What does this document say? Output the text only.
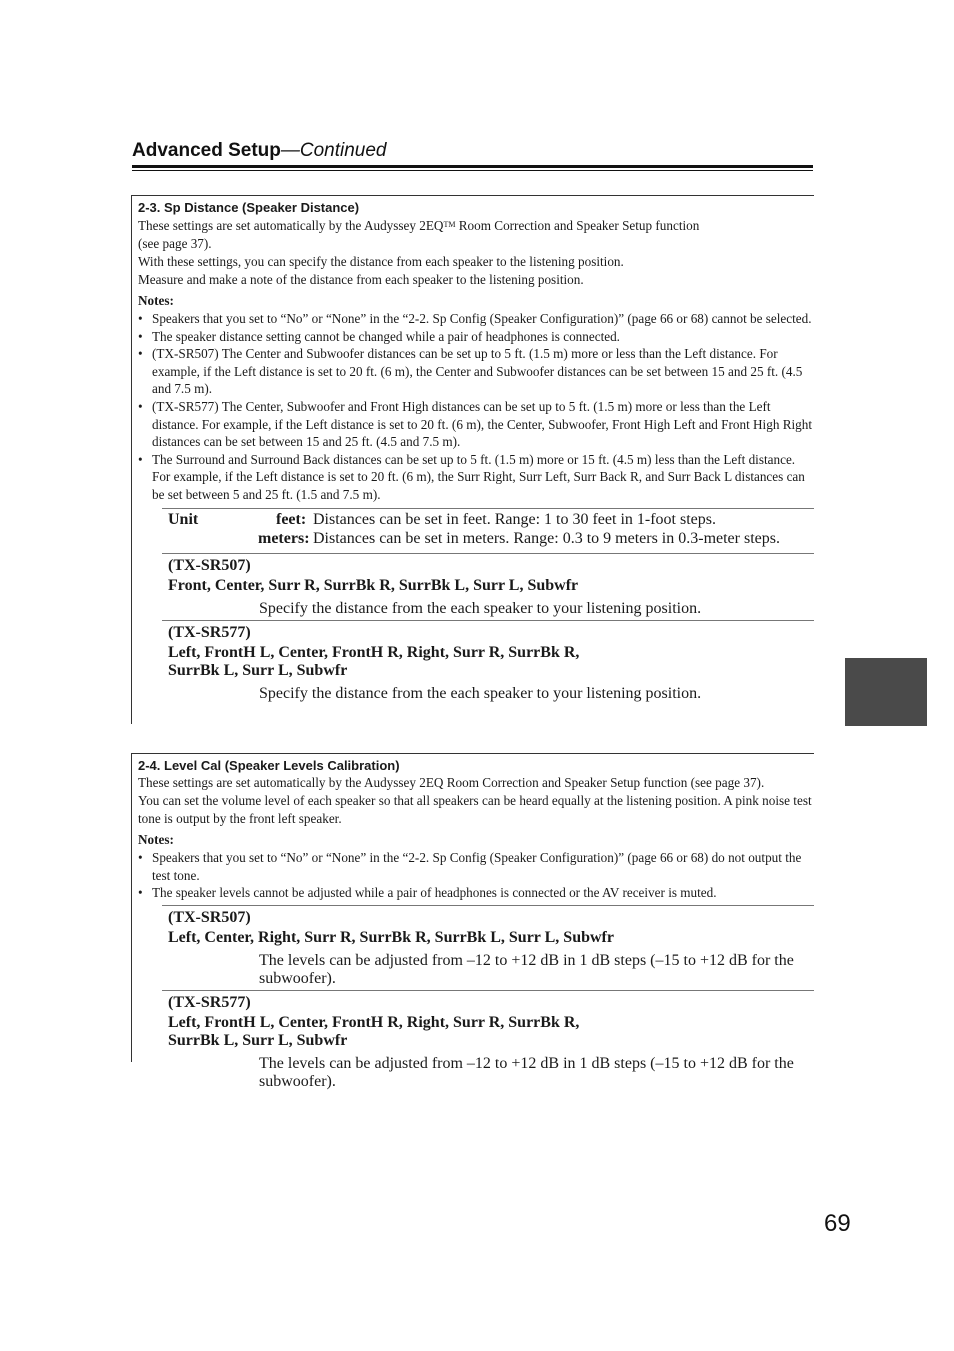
Advanced Setup—Continued
2-3. Sp Distance (Speaker Distance)

These settings are set automatically by the Audyssey 2EQ™ Room Correction and Speaker Setup function
(see page 37).

With these settings, you can specify the distance from each speaker to the listening position.

Measure and make a note of the distance from each speaker to the listening position.

Notes:
• Speakers that you set to “No” or “None” in the “2-2. Sp Config (Speaker Configuration)” (page 66 or 68) cannot be selected.
• The speaker distance setting cannot be changed while a pair of headphones is connected.
• (TX-SR507) The Center and Subwoofer distances can be set up to 5 ft. (1.5 m) more or less than the Left distance. For example, if the Left distance is set to 20 ft. (6 m), the Center and Subwoofer distances can be set between 15 and 25 ft. (4.5 and 7.5 m).
• (TX-SR577) The Center, Subwoofer and Front High distances can be set up to 5 ft. (1.5 m) more or less than the Left distance. For example, if the Left distance is set to 20 ft. (6 m), the Center, Subwoofer, Front High Left and Front High Right distances can be set between 15 and 25 ft. (4.5 and 7.5 m).
• The Surround and Surround Back distances can be set up to 5 ft. (1.5 m) more or 15 ft. (4.5 m) less than the Left distance. For example, if the Left distance is set to 20 ft. (6 m), the Surr Right, Surr Left, Surr Back R, and Surr Back L distances can be set between 5 and 25 ft. (1.5 and 7.5 m).
Unit	feet: Distances can be set in feet. Range: 1 to 30 feet in 1-foot steps.
meters: Distances can be set in meters. Range: 0.3 to 9 meters in 0.3-meter steps.
(TX-SR507)
Front, Center, Surr R, SurrBk R, SurrBk L, Surr L, Subwfr
Specify the distance from the each speaker to your listening position.
(TX-SR577)
Left, FrontH L, Center, FrontH R, Right, Surr R, SurrBk R,
SurrBk L, Surr L, Subwfr
Specify the distance from the each speaker to your listening position.
2-4. Level Cal (Speaker Levels Calibration)

These settings are set automatically by the Audyssey 2EQ Room Correction and Speaker Setup function (see page 37).

You can set the volume level of each speaker so that all speakers can be heard equally at the listening position. A pink noise test tone is output by the front left speaker.

Notes:
• Speakers that you set to “No” or “None” in the “2-2. Sp Config (Speaker Configuration)” (page 66 or 68) do not output the test tone.
• The speaker levels cannot be adjusted while a pair of headphones is connected or the AV receiver is muted.
(TX-SR507)
Left, Center, Right, Surr R, SurrBk R, SurrBk L, Surr L, Subwfr
The levels can be adjusted from –12 to +12 dB in 1 dB steps (–15 to +12 dB for the subwoofer).
(TX-SR577)
Left, FrontH L, Center, FrontH R, Right, Surr R, SurrBk R,
SurrBk L, Surr L, Subwfr
The levels can be adjusted from –12 to +12 dB in 1 dB steps (–15 to +12 dB for the subwoofer).
69
